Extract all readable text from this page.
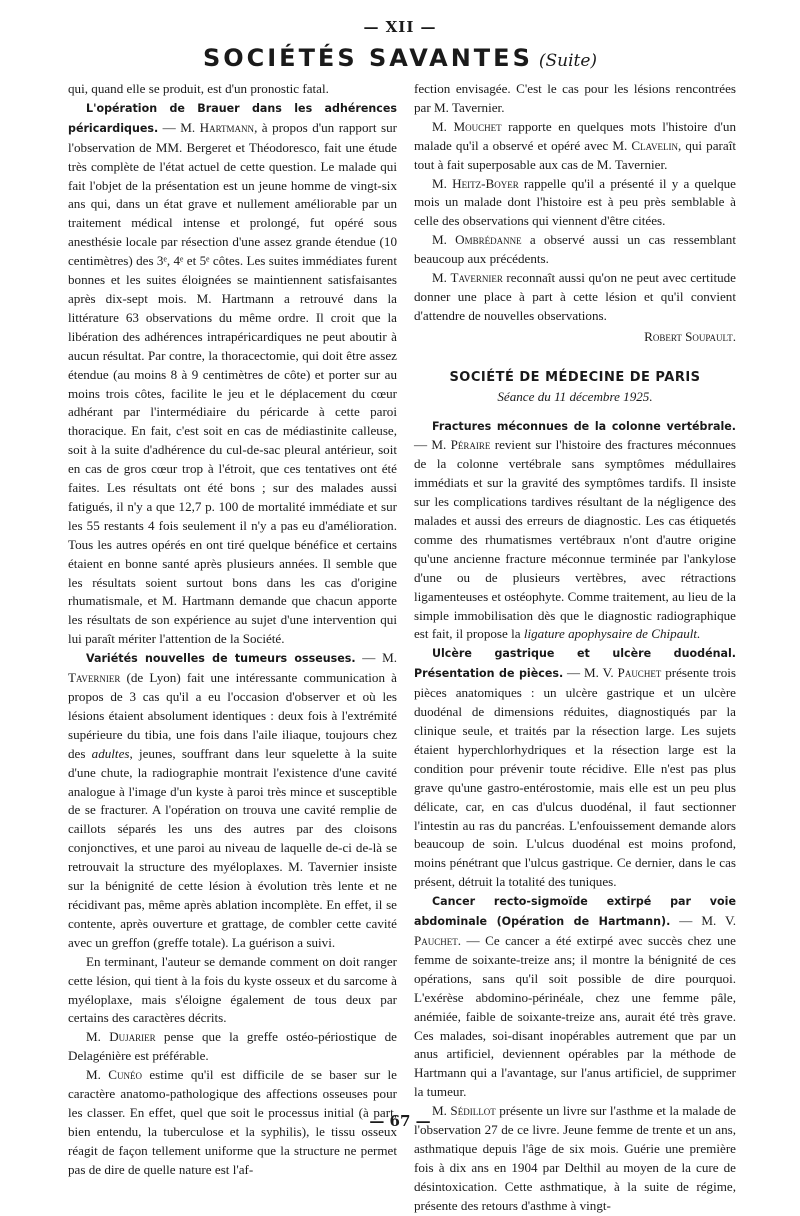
— XII —
SOCIÉTÉS SAVANTES (Suite)

qui, quand elle se produit, est d'un pronostic fatal.

L'opération de Brauer dans les adhérences péricardiques. — M. Hartmann, à propos d'un rapport sur l'observation de MM. Bergeret et Théodoresco, fait une étude très complète de l'état actuel de cette question. Le malade qui fait l'objet de la présentation est un jeune homme de vingt-six ans qui, dans un état grave et nullement améliorable par un traitement médical intense et prolongé, fut opéré sous anesthésie locale par résection d'une assez grande étendue (10 centimètres) des 3ᵉ, 4ᵉ et 5ᵉ côtes. Les suites immédiates furent bonnes et les suites éloignées se maintiennent satisfaisantes après dix-sept mois. M. Hartmann a retrouvé dans la littérature 63 observations du même ordre. Il croit que la libération des adhérences intrapéricardiques ne peut aboutir à aucun résultat. Par contre, la thoracectomie, qui doit être assez étendue (au moins 8 à 9 centimètres de côte) et porter sur au moins trois côtes, facilite le jeu et le déplacement du cœur adhérant par l'intermédiaire du péricarde à cette paroi thoracique. En fait, c'est soit en cas de médiastinite calleuse, soit à la suite d'adhérence du cul-de-sac pleural antérieur, soit en cas de gros cœur trop à l'étroit, que ces tentatives ont été faites. Les résultats ont été bons ; sur des malades aussi fatigués, il n'y a que 12,7 p. 100 de mortalité immédiate et sur les 55 restants 4 fois seulement il n'y a pas eu d'amélioration. Tous les autres opérés en ont tiré quelque bénéfice et certains étaient en bonne santé après plusieurs années. Il semble que les résultats soient surtout bons dans les cas d'origine rhumatismale, et M. Hartmann demande que chacun apporte les résultats de son expérience au sujet d'une intervention qui lui paraît mériter l'attention de la Société.

Variétés nouvelles de tumeurs osseuses. — M. Tavernier (de Lyon) fait une intéressante communication à propos de 3 cas qu'il a eu l'occasion d'observer et où les lésions étaient absolument identiques : deux fois à l'extrémité supérieure du tibia, une fois dans l'aile iliaque, toujours chez des adultes, jeunes, souffrant dans leur squelette à la suite d'une chute, la radiographie montrait l'existence d'une cavité analogue à l'image d'un kyste à paroi très mince et susceptible de se fracturer. A l'opération on trouva une cavité remplie de caillots séparés les uns des autres par des cloisons conjonctives, et une paroi au niveau de laquelle de-ci de-là se retrouvait la structure des myéloplaxes. M. Tavernier insiste sur la bénignité de cette lésion à évolution très lente et ne récidivant pas, même après ablation incomplète. En effet, il se contente, après ouverture et grattage, de combler cette cavité avec un greffon (greffe totale). La guérison a suivi.

En terminant, l'auteur se demande comment on doit ranger cette lésion, qui tient à la fois du kyste osseux et du sarcome à myéloplaxe, mais s'éloigne également de tous deux par certains des caractères décrits.

M. Dujarier pense que la greffe ostéo-périostique de Delagénière est préférable.

M. Cunéo estime qu'il est difficile de se baser sur le caractère anatomo-pathologique des affections osseuses pour les classer. En effet, quel que soit le processus initial (à part, bien entendu, la tuberculose et la syphilis), le tissu osseux réagit de façon tellement uniforme que la structure ne permet pas de dire de quelle nature est l'af-

fection envisagée. C'est le cas pour les lésions rencontrées par M. Tavernier.

M. Mouchet rapporte en quelques mots l'histoire d'un malade qu'il a observé et opéré avec M. Clavelin, qui paraît tout à fait superposable aux cas de M. Tavernier.

M. Heitz-Boyer rappelle qu'il a présenté il y a quelque mois un malade dont l'histoire est à peu près semblable à celle des observations qui viennent d'être citées.

M. Ombrédanne a observé aussi un cas ressemblant beaucoup aux précédents.

M. Tavernier reconnaît aussi qu'on ne peut avec certitude donner une place à part à cette lésion et qu'il convient d'attendre de nouvelles observations.

Robert Soupault.
SOCIÉTÉ DE MÉDECINE DE PARIS
Séance du 11 décembre 1925.

Fractures méconnues de la colonne vertébrale. — M. Péraire revient sur l'histoire des fractures méconnues de la colonne vertébrale sans symptômes médullaires immédiats et sur la gravité des symptômes tardifs. Il insiste sur les complications tardives résultant de la négligence des malades et aussi des erreurs de diagnostic. Les cas étiquetés comme des rhumatismes vertébraux n'ont d'autre origine qu'une ancienne fracture méconnue terminée par l'ankylose d'une ou de plusieurs vertèbres, avec rétractions ligamenteuses et ostéophyte. Comme traitement, au lieu de la simple immobilisation dès que le diagnostic radiographique est fait, il propose la ligature apophysaire de Chipault.

Ulcère gastrique et ulcère duodénal. Présentation de pièces. — M. V. Pauchet présente trois pièces anatomiques : un ulcère gastrique et un ulcère duodénal de dimensions réduites, diagnostiqués par la clinique seule, et traités par la résection large. Les sujets étaient hyperchlorhydriques et la résection large est la condition pour prévenir toute récidive. Elle n'est pas plus grave qu'une gastro-entérostomie, mais elle est un peu plus délicate, car, en cas d'ulcus duodénal, il faut sectionner l'intestin au ras du pancréas. L'enfouissement demande alors beaucoup de soin. L'ulcus duodénal est moins profond, moins pénétrant que l'ulcus gastrique. Ce dernier, dans le cas présent, détruit la totalité des tuniques.

Cancer recto-sigmoïde extirpé par voie abdominale (Opération de Hartmann). — M. V. Pauchet. — Ce cancer a été extirpé avec succès chez une femme de soixante-treize ans; il montre la bénignité de ces opérations, sans qu'il soit possible de dire pourquoi. L'exérèse abdomino-périnéale, chez une femme pâle, anémiée, faible de soixante-treize ans, aurait été très grave. Ces malades, soi-disant inopérables autrement que par un anus artificiel, deviennent opérables par la méthode de Hartmann qui a l'avantage, sur l'anus artificiel, de supprimer la tumeur.

M. Sédillot présente un livre sur l'asthme et la malade de l'observation 27 de ce livre. Jeune femme de trente et un ans, asthmatique depuis l'âge de six mois. Guérie une première fois à dix ans en 1904 par Delthil au moyen de la cure de désintoxication. Cette asthmatique, à la suite de régime, présente des retours d'asthme à vingt-

— 67 —
